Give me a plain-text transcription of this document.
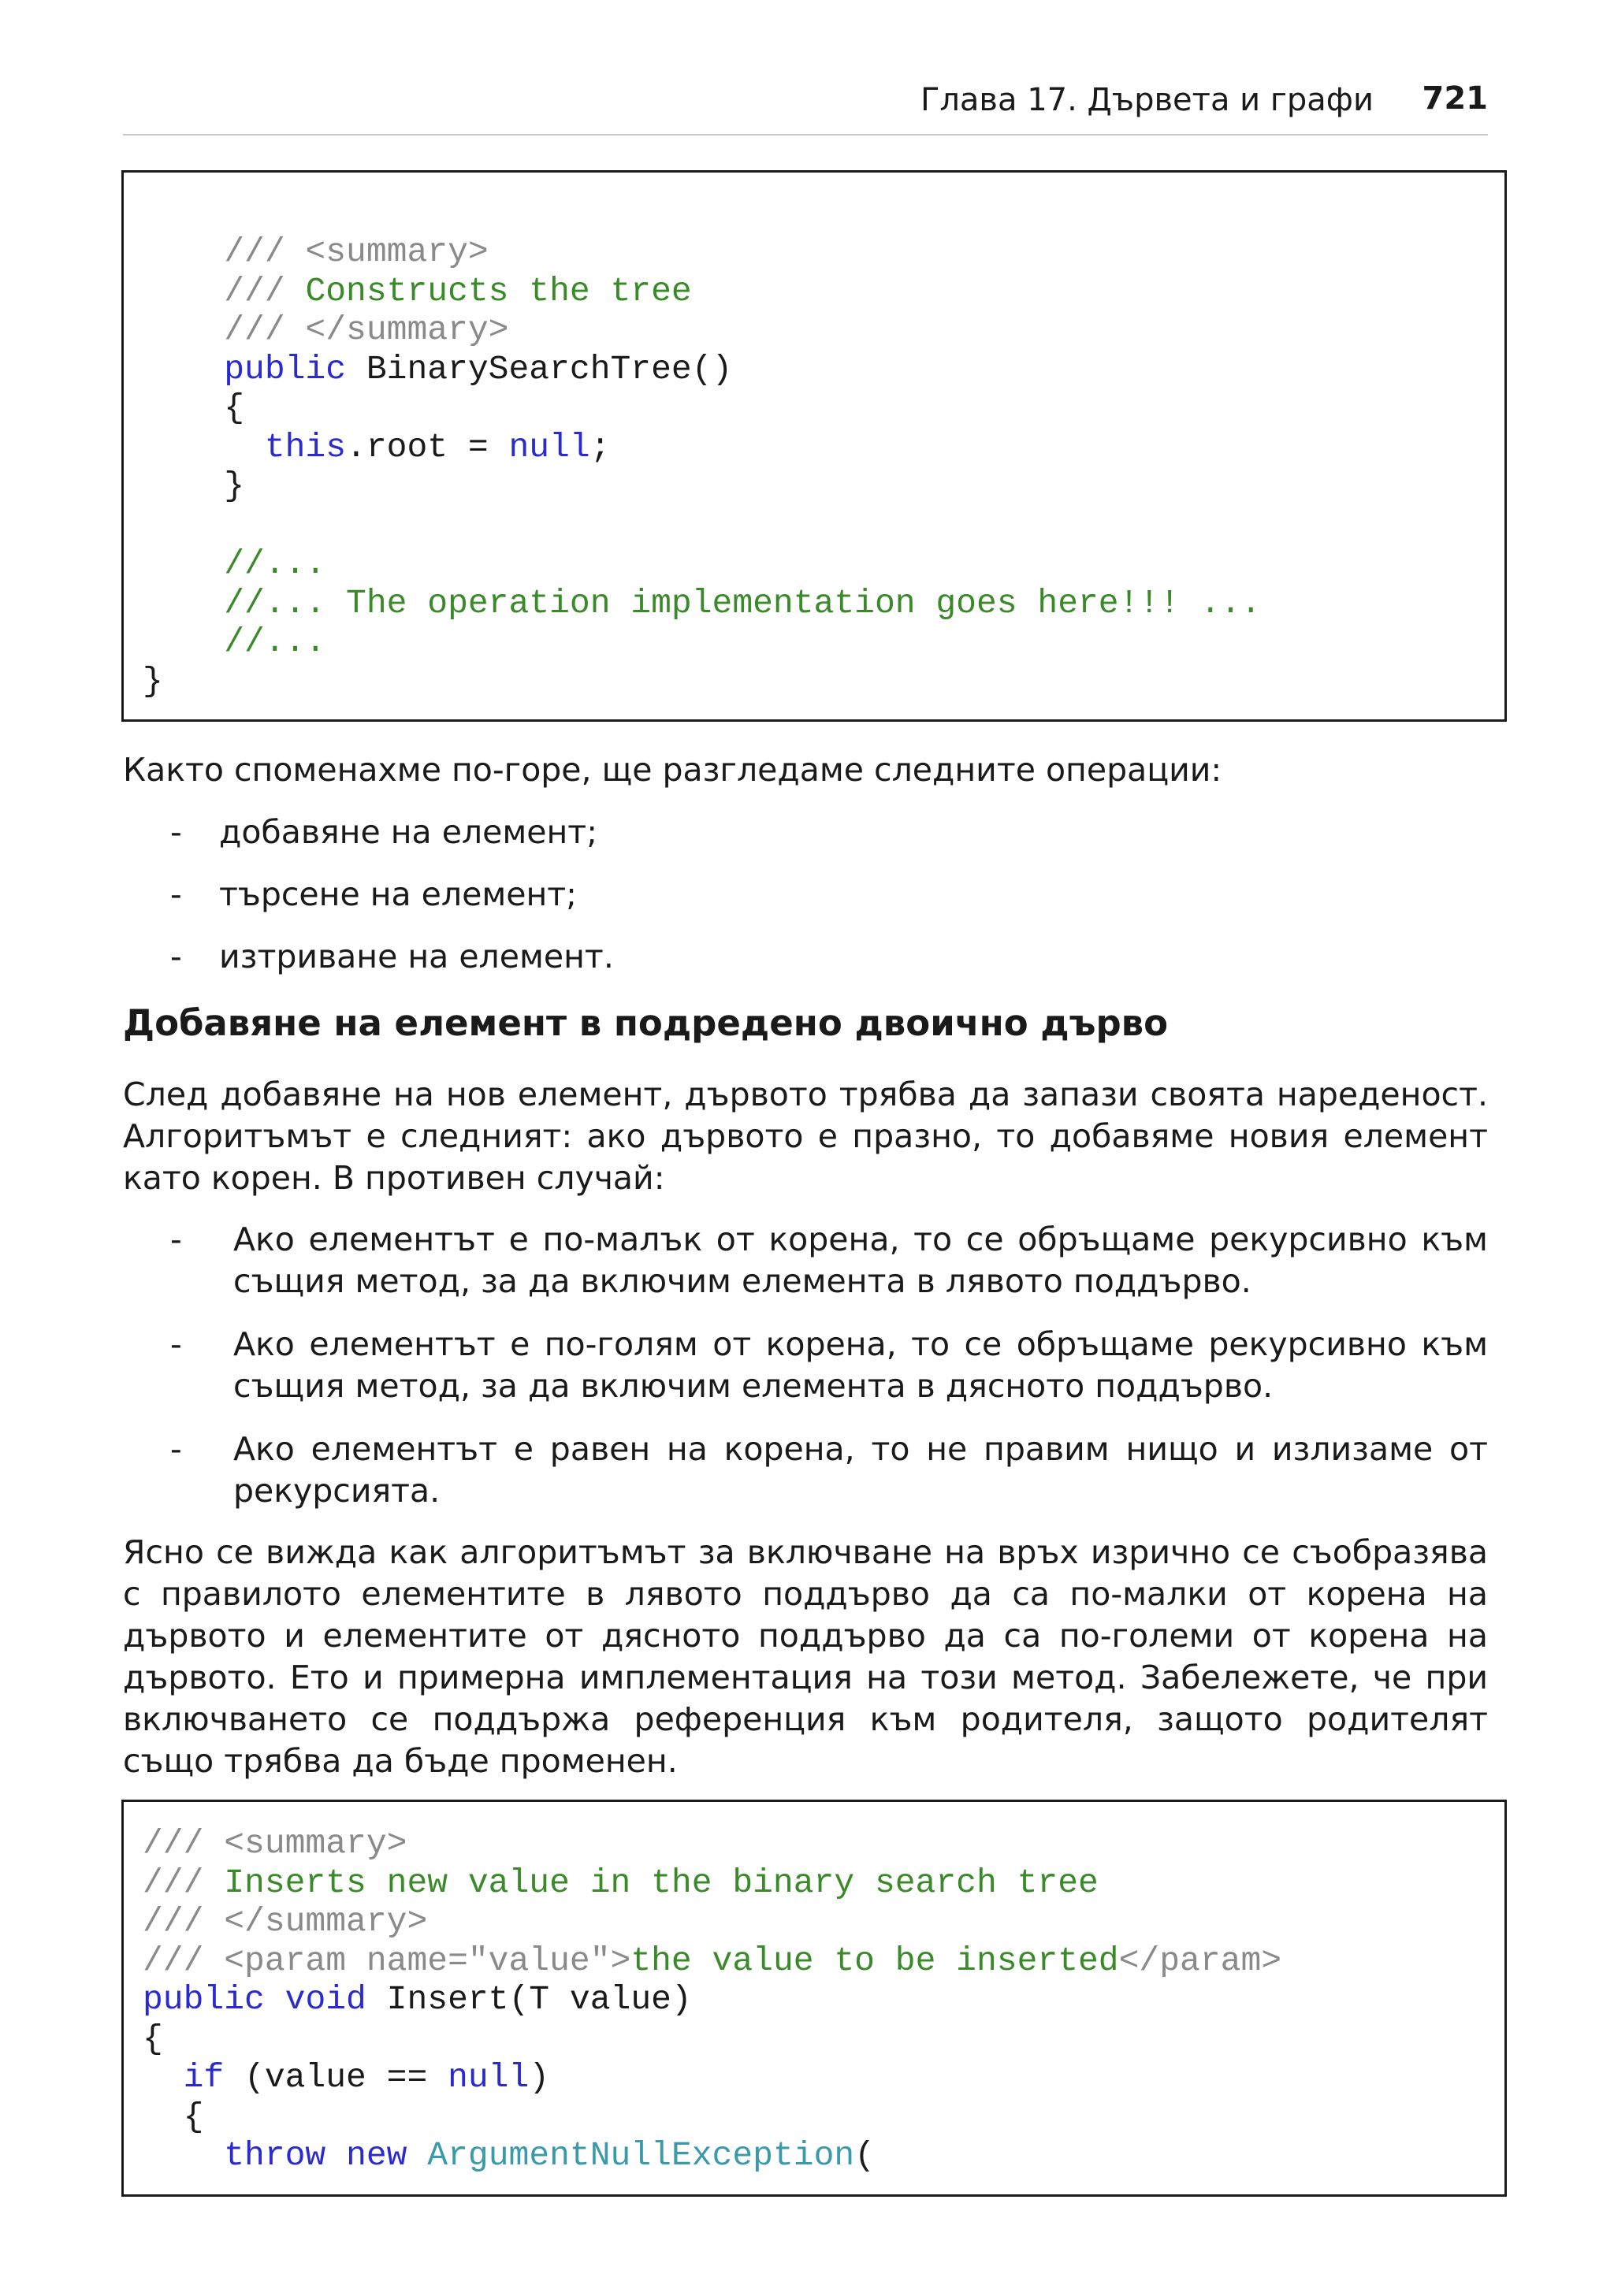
Глава 17. Дървета и графи 721
/// <summary>
/// Constructs the tree
/// </summary>
public BinarySearchTree()
{
this.root = null;
}

//...
//... The operation implementation goes here!!! ...
//...
}

Както споменахме по-горе, ще разгледаме следните операции:

- добавяне на елемент;
- търсене на елемент;
- изтриване на елемент.
Добавяне на елемент в подредено двоично дърво

След добавяне на нов елемент, дървото трябва да запази своята нареденост. Алгоритъмът е следният: ако дървото е празно, то добавяме новия елемент като корен. В противен случай:

- Ако елементът е по-малък от корена, то се обръщаме рекурсивно към същия метод, за да включим елемента в лявото поддърво.
- Ако елементът е по-голям от корена, то се обръщаме рекурсивно към същия метод, за да включим елемента в дясното поддърво.
- Ако елементът е равен на корена, то не правим нищо и излизаме от рекурсията.

Ясно се вижда как алгоритъмът за включване на връх изрично се съобразява с правилото елементите в лявото поддърво да са по-малки от корена на дървото и елементите от дясното поддърво да са по-големи от корена на дървото. Ето и примерна имплементация на този метод. Забележете, че при включването се поддържа референция към родителя, защото родителят също трябва да бъде променен.

/// <summary>
/// Inserts new value in the binary search tree
/// </summary>
/// <param name="value">the value to be inserted</param>
public void Insert(T value)
{
if (value == null)
{
throw new ArgumentNullException(
